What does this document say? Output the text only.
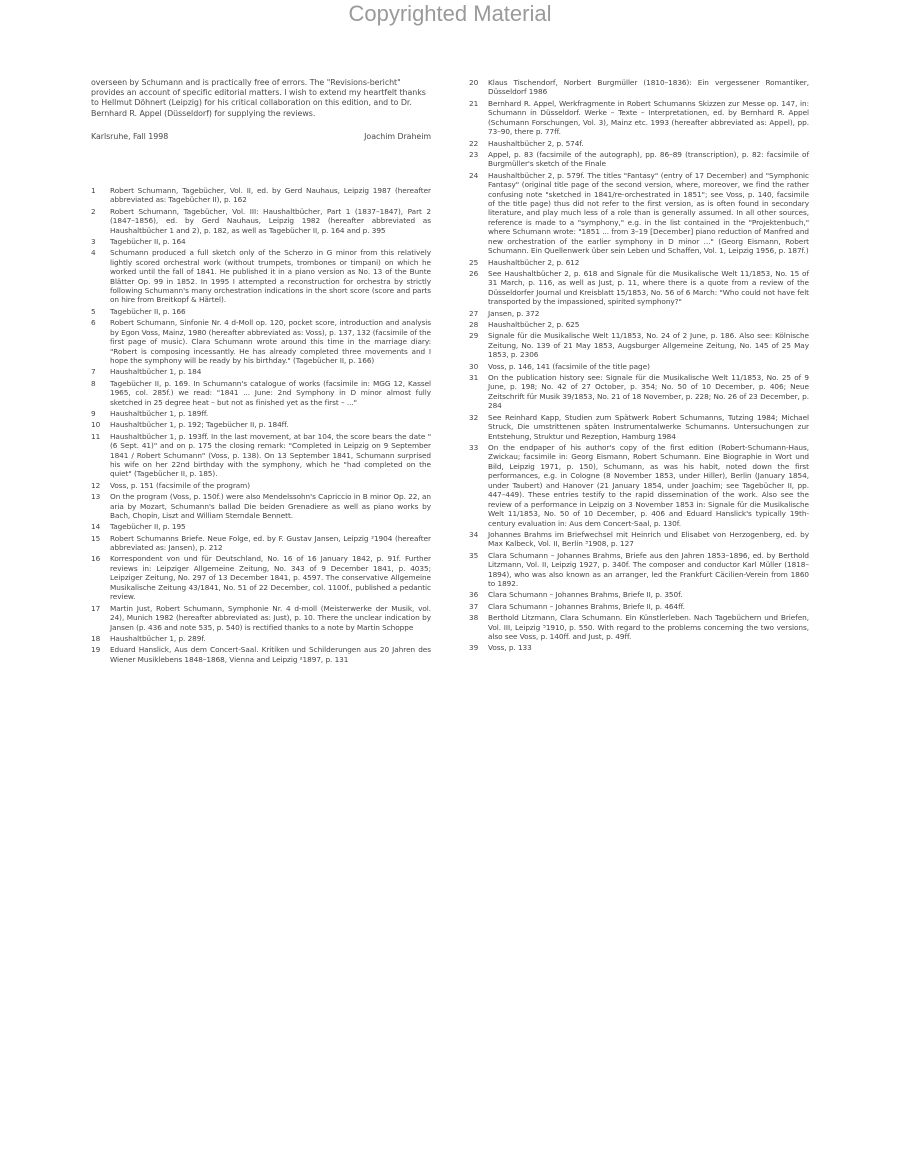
Copyrighted Material
overseen by Schumann and is practically free of errors. The "Revisions-bericht" provides an account of specific editorial matters. I wish to extend my heartfelt thanks to Hellmut Döhnert (Leipzig) for his critical collaboration on this edition, and to Dr. Bernhard R. Appel (Düsseldorf) for supplying the reviews.
Karlsruhe, Fall 1998	Joachim Draheim
1	Robert Schumann, Tagebücher, Vol. II, ed. by Gerd Nauhaus, Leipzig 1987 (hereafter abbreviated as: Tagebücher II), p. 162
2	Robert Schumann, Tagebücher, Vol. III: Haushaltbücher, Part 1 (1837–1847), Part 2 (1847–1856), ed. by Gerd Nauhaus, Leipzig 1982 (hereafter abbreviated as Haushaltbücher 1 and 2), p. 182, as well as Tagebücher II, p. 164 and p. 395
3	Tagebücher II, p. 164
4	Schumann produced a full sketch only of the Scherzo in G minor from this relatively lightly scored orchestral work (without trumpets, trombones or timpani) on which he worked until the fall of 1841. He published it in a piano version as No. 13 of the Bunte Blätter Op. 99 in 1852. In 1995 I attempted a reconstruction for orchestra by strictly following Schumann's many orchestration indications in the short score (score and parts on hire from Breitkopf & Härtel).
5	Tagebücher II, p. 166
6	Robert Schumann, Sinfonie Nr. 4 d-Moll op. 120, pocket score, introduction and analysis by Egon Voss, Mainz, 1980 (hereafter abbreviated as: Voss), p. 137, 132 (facsimile of the first page of music). Clara Schumann wrote around this time in the marriage diary: "Robert is composing incessantly. He has already completed three movements and I hope the symphony will be ready by his birthday." (Tagebücher II, p. 166)
7	Haushaltbücher 1, p. 184
8	Tagebücher II, p. 169. In Schumann's catalogue of works (facsimile in: MGG 12, Kassel 1965, col. 285f.) we read: "1841 ... June: 2nd Symphony in D minor almost fully sketched in 25 degree heat – but not as finished yet as the first – ..."
9	Haushaltbücher 1, p. 189ff.
10	Haushaltbücher 1, p. 192; Tagebücher II, p. 184ff.
11	Haushaltbücher 1, p. 193ff. In the last movement, at bar 104, the score bears the date "(6 Sept. 41)" and on p. 175 the closing remark: "Completed in Leipzig on 9 September 1841 / Robert Schumann" (Voss, p. 138). On 13 September 1841, Schumann surprised his wife on her 22nd birthday with the symphony, which he "had completed on the quiet" (Tagebücher II, p. 185).
12	Voss, p. 151 (facsimile of the program)
13	On the program (Voss, p. 150f.) were also Mendelssohn's Capriccio in B minor Op. 22, an aria by Mozart, Schumann's ballad Die beiden Grenadiere as well as piano works by Bach, Chopin, Liszt and William Sterndale Bennett.
14	Tagebücher II, p. 195
15	Robert Schumanns Briefe. Neue Folge, ed. by F. Gustav Jansen, Leipzig ²1904 (hereafter abbreviated as: Jansen), p. 212
16	Korrespondent von und für Deutschland, No. 16 of 16 January 1842, p. 91f. Further reviews in: Leipziger Allgemeine Zeitung, No. 343 of 9 December 1841, p. 4035; Leipziger Zeitung, No. 297 of 13 December 1841, p. 4597. The conservative Allgemeine Musikalische Zeitung 43/1841, No. 51 of 22 December, col. 1100f., published a pedantic review.
17	Martin Just, Robert Schumann, Symphonie Nr. 4 d-moll (Meisterwerke der Musik, vol. 24), Munich 1982 (hereafter abbreviated as: Just), p. 10. There the unclear indication by Jansen (p. 436 and note 535, p. 540) is rectified thanks to a note by Martin Schoppe
18	Haushaltbücher 1, p. 289f.
19	Eduard Hanslick, Aus dem Concert-Saal. Kritiken und Schilderungen aus 20 Jahren des Wiener Musiklebens 1848–1868, Vienna and Leipzig ²1897, p. 131
20	Klaus Tischendorf, Norbert Burgmüller (1810–1836): Ein vergessener Romantiker, Düsseldorf 1986
21	Bernhard R. Appel, Werkfragmente in Robert Schumanns Skizzen zur Messe op. 147, in: Schumann in Düsseldorf. Werke – Texte – Interpretationen, ed. by Bernhard R. Appel (Schumann Forschungen, Vol. 3), Mainz etc. 1993 (hereafter abbreviated as: Appel), pp. 73–90, there p. 77ff.
22	Haushaltbücher 2, p. 574f.
23	Appel, p. 83 (facsimile of the autograph), pp. 86–89 (transcription), p. 82: facsimile of Burgmüller's sketch of the Finale
24	Haushaltbücher 2, p. 579f. The titles "Fantasy" (entry of 17 December) and "Symphonic Fantasy" (original title page of the second version, where, moreover, we find the rather confusing note "sketched in 1841/re-orchestrated in 1851"; see Voss, p. 140, facsimile of the title page) thus did not refer to the first version, as is often found in secondary literature, and play much less of a role than is generally assumed. In all other sources, reference is made to a "symphony," e.g. in the list contained in the "Projektenbuch," where Schumann wrote: "1851 ... from 3–19 [December] piano reduction of Manfred and new orchestration of the earlier symphony in D minor ..." (Georg Eismann, Robert Schumann. Ein Quellenwerk über sein Leben und Schaffen, Vol. 1, Leipzig 1956, p. 187f.)
25	Haushaltbücher 2, p. 612
26	See Haushaltbücher 2, p. 618 and Signale für die Musikalische Welt 11/1853, No. 15 of 31 March, p. 116, as well as Just, p. 11, where there is a quote from a review of the Düsseldorfer Journal und Kreisblatt 15/1853, No. 56 of 6 March: "Who could not have felt transported by the impassioned, spirited symphony?"
27	Jansen, p. 372
28	Haushaltbücher 2, p. 625
29	Signale für die Musikalische Welt 11/1853, No. 24 of 2 June, p. 186. Also see: Kölnische Zeitung, No. 139 of 21 May 1853, Augsburger Allgemeine Zeitung, No. 145 of 25 May 1853, p. 2306
30	Voss, p. 146, 141 (facsimile of the title page)
31	On the publication history see: Signale für die Musikalische Welt 11/1853, No. 25 of 9 June, p. 198; No. 42 of 27 October, p. 354; No. 50 of 10 December, p. 406; Neue Zeitschrift für Musik 39/1853, No. 21 of 18 November, p. 228; No. 26 of 23 December, p. 284
32	See Reinhard Kapp, Studien zum Spätwerk Robert Schumanns, Tutzing 1984; Michael Struck, Die umstrittenen späten Instrumentalwerke Schumanns. Untersuchungen zur Entstehung, Struktur und Rezeption, Hamburg 1984
33	On the endpaper of his author's copy of the first edition (Robert-Schumann-Haus, Zwickau; facsimile in: Georg Eismann, Robert Schumann. Eine Biographie in Wort und Bild, Leipzig 1971, p. 150), Schumann, as was his habit, noted down the first performances, e.g. in Cologne (8 November 1853, under Hiller), Berlin (January 1854, under Taubert) and Hanover (21 January 1854, under Joachim; see Tagebücher II, pp. 447–449). These entries testify to the rapid dissemination of the work. Also see the review of a performance in Leipzig on 3 November 1853 in: Signale für die Musikalische Welt 11/1853, No. 50 of 10 December, p. 406 and Eduard Hanslick's typically 19th-century evaluation in: Aus dem Concert-Saal, p. 130f.
34	Johannes Brahms im Briefwechsel mit Heinrich und Elisabet von Herzogenberg, ed. by Max Kalbeck, Vol. II, Berlin ³1908, p. 127
35	Clara Schumann – Johannes Brahms, Briefe aus den Jahren 1853–1896, ed. by Berthold Litzmann, Vol. II, Leipzig 1927, p. 340f. The composer and conductor Karl Müller (1818–1894), who was also known as an arranger, led the Frankfurt Cäcilien-Verein from 1860 to 1892.
36	Clara Schumann – Johannes Brahms, Briefe II, p. 350f.
37	Clara Schumann – Johannes Brahms, Briefe II, p. 464ff.
38	Berthold Litzmann, Clara Schumann. Ein Künstlerleben. Nach Tagebüchern und Briefen, Vol. III, Leipzig ⁵1910, p. 550. With regard to the problems concerning the two versions, also see Voss, p. 140ff. and Just, p. 49ff.
39	Voss, p. 133
